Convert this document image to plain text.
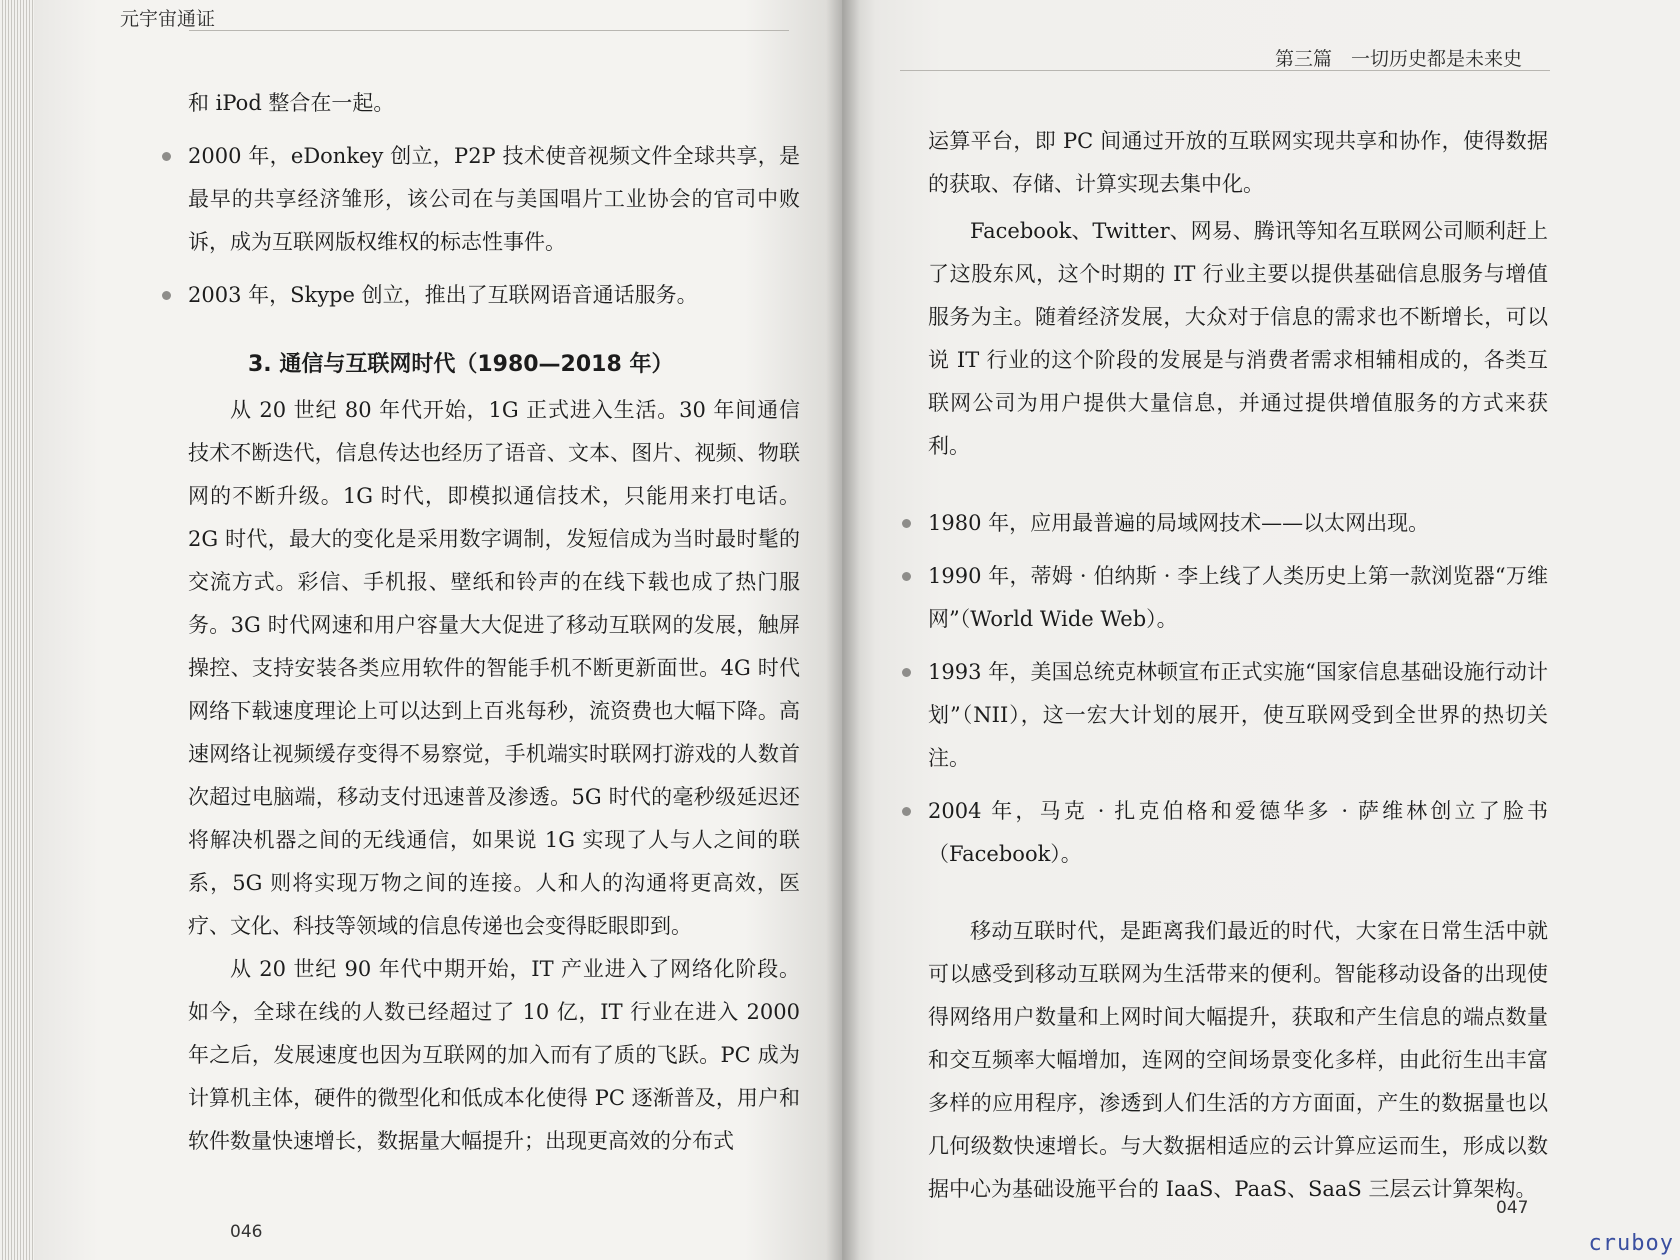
元宇宙通证
第三篇　一切历史都是未来史

和 iPod 整合在一起。

2000 年，eDonkey 创立，P2P 技术使音视频文件全球共享，是最早的共享经济雏形，该公司在与美国唱片工业协会的官司中败诉，成为互联网版权维权的标志性事件。
2003 年，Skype 创立，推出了互联网语音通话服务。
3. 通信与互联网时代（1980—2018 年）

从 20 世纪 80 年代开始，1G 正式进入生活。30 年间通信技术不断迭代，信息传达也经历了语音、文本、图片、视频、物联网的不断升级。1G 时代，即模拟通信技术，只能用来打电话。2G 时代，最大的变化是采用数字调制，发短信成为当时最时髦的交流方式。彩信、手机报、壁纸和铃声的在线下载也成了热门服务。3G 时代网速和用户容量大大促进了移动互联网的发展，触屏操控、支持安装各类应用软件的智能手机不断更新面世。4G 时代网络下载速度理论上可以达到上百兆每秒，流资费也大幅下降。高速网络让视频缓存变得不易察觉，手机端实时联网打游戏的人数首次超过电脑端，移动支付迅速普及渗透。5G 时代的毫秒级延迟还将解决机器之间的无线通信，如果说 1G 实现了人与人之间的联系，5G 则将实现万物之间的连接。人和人的沟通将更高效，医疗、文化、科技等领域的信息传递也会变得眨眼即到。

从 20 世纪 90 年代中期开始，IT 产业进入了网络化阶段。如今，全球在线的人数已经超过了 10 亿，IT 行业在进入 2000 年之后，发展速度也因为互联网的加入而有了质的飞跃。PC 成为计算机主体，硬件的微型化和低成本化使得 PC 逐渐普及，用户和软件数量快速增长，数据量大幅提升；出现更高效的分布式

运算平台，即 PC 间通过开放的互联网实现共享和协作，使得数据的获取、存储、计算实现去集中化。

Facebook、Twitter、网易、腾讯等知名互联网公司顺利赶上了这股东风，这个时期的 IT 行业主要以提供基础信息服务与增值服务为主。随着经济发展，大众对于信息的需求也不断增长，可以说 IT 行业的这个阶段的发展是与消费者需求相辅相成的，各类互联网公司为用户提供大量信息，并通过提供增值服务的方式来获利。

1980 年，应用最普遍的局域网技术——以太网出现。
1990 年，蒂姆 · 伯纳斯 · 李上线了人类历史上第一款浏览器“万维网”（World Wide Web）。
1993 年，美国总统克林顿宣布正式实施“国家信息基础设施行动计划”（NII），这一宏大计划的展开，使互联网受到全世界的热切关注。
2004 年，马克 · 扎克伯格和爱德华多 · 萨维林创立了脸书（Facebook）。

移动互联时代，是距离我们最近的时代，大家在日常生活中就可以感受到移动互联网为生活带来的便利。智能移动设备的出现使得网络用户数量和上网时间大幅提升，获取和产生信息的端点数量和交互频率大幅增加，连网的空间场景变化多样，由此衍生出丰富多样的应用程序，渗透到人们生活的方方面面，产生的数据量也以几何级数快速增长。与大数据相适应的云计算应运而生，形成以数据中心为基础设施平台的 IaaS、PaaS、SaaS 三层云计算架构。

046
047
cruboy
